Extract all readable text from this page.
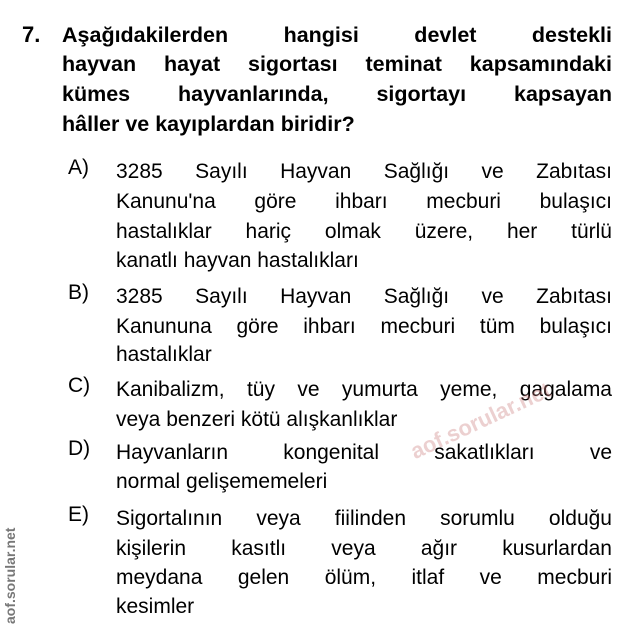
7. Aşağıdakilerden hangisi devlet destekli
hayvan hayat sigortası teminat kapsamındaki
kümes hayvanlarında, sigortayı kapsayan
hâller ve kayıplardan biridir?
A) 3285 Sayılı Hayvan Sağlığı ve Zabıtası
Kanunu'na göre ihbarı mecburi bulaşıcı
hastalıklar hariç olmak üzere, her türlü
kanatlı hayvan hastalıkları
B) 3285 Sayılı Hayvan Sağlığı ve Zabıtası
Kanununa göre ihbarı mecburi tüm bulaşıcı
hastalıklar
C) Kanibalizm, tüy ve yumurta yeme, gagalama
veya benzeri kötü alışkanlıklar
D) Hayvanların kongenital sakatlıkları ve
normal gelişememeleri
E) Sigortalının veya fiilinden sorumlu olduğu
kişilerin kasıtlı veya ağır kusurlardan
meydana gelen ölüm, itlaf ve mecburi
kesimler
aof.sorular.net
aof.sorular.net
